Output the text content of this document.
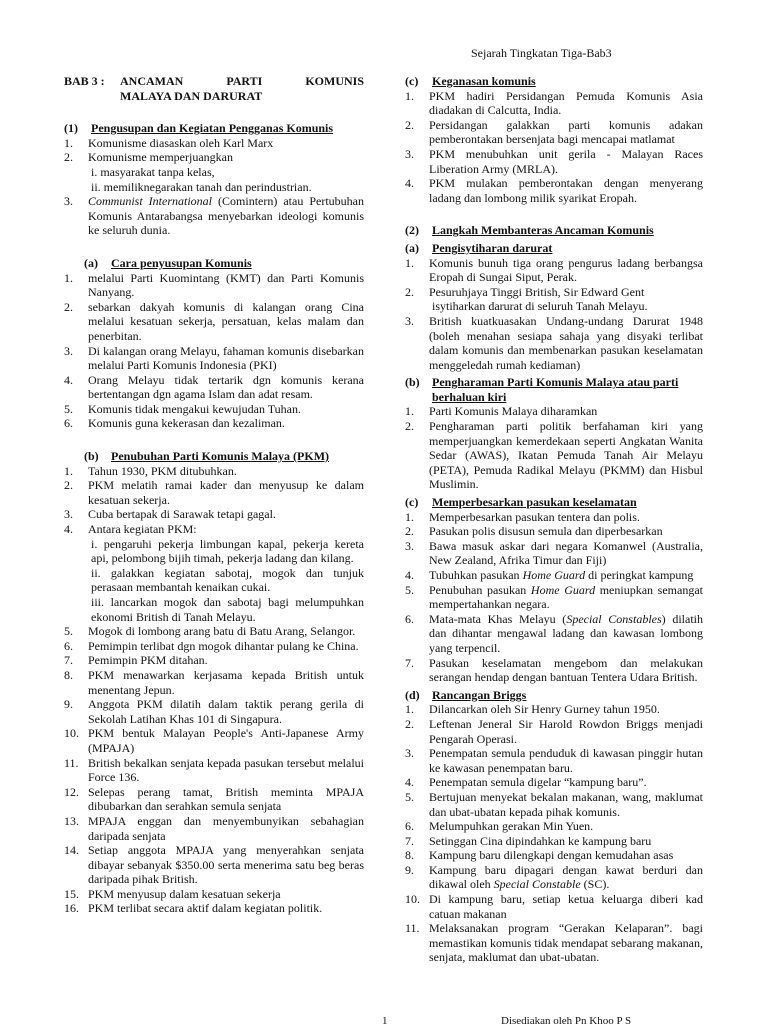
Sejarah Tingkatan Tiga-Bab3
BAB 3 :	ANCAMAN	PARTI	KOMUNIS
MALAYA DAN DARURAT
(1)	Pengusupan dan Kegiatan Pengganas Komunis
1.	Komunisme diasaskan oleh Karl Marx
2.	Komunisme memperjuangkan
i. masyarakat tanpa kelas,
ii. memiliknegarakan tanah dan perindustrian.
3.	Communist International (Comintern) atau Pertubuhan Komunis Antarabangsa menyebarkan ideologi komunis ke seluruh dunia.
(a)	Cara penyusupan Komunis
1.	melalui Parti Kuomintang (KMT) dan Parti Komunis Nanyang.
2.	sebarkan dakyah komunis di kalangan orang Cina melalui kesatuan sekerja, persatuan, kelas malam dan penerbitan.
3.	Di kalangan orang Melayu, fahaman komunis disebarkan melalui Parti Komunis Indonesia (PKI)
4.	Orang Melayu tidak tertarik dgn komunis kerana bertentangan dgn agama Islam dan adat resam.
5.	Komunis tidak mengakui kewujudan Tuhan.
6.	Komunis guna kekerasan dan kezaliman.
(b)	Penubuhan Parti Komunis Malaya (PKM)
1.	Tahun 1930, PKM ditubuhkan.
2.	PKM melatih ramai kader dan menyusup ke dalam kesatuan sekerja.
3.	Cuba bertapak di Sarawak tetapi gagal.
4.	Antara kegiatan PKM:
i. pengaruhi pekerja limbungan kapal, pekerja kereta api, pelombong bijih timah, pekerja ladang dan kilang.
ii. galakkan kegiatan sabotaj, mogok dan tunjuk perasaan membantah kenaikan cukai.
iii. lancarkan mogok dan sabotaj bagi melumpuhkan ekonomi British di Tanah Melayu.
5.	Mogok di lombong arang batu di Batu Arang, Selangor.
6.	Pemimpin terlibat dgn mogok dihantar pulang ke China.
7.	Pemimpin PKM ditahan.
8.	PKM menawarkan kerjasama kepada British untuk menentang Jepun.
9.	Anggota PKM dilatih dalam taktik perang gerila di Sekolah Latihan Khas 101 di Singapura.
10. PKM bentuk Malayan People's Anti-Japanese Army (MPAJA)
11. British bekalkan senjata kepada pasukan tersebut melalui Force 136.
12. Selepas perang tamat, British meminta MPAJA dibubarkan dan serahkan semula senjata
13. MPAJA enggan dan menyembunyikan sebahagian daripada senjata
14. Setiap anggota MPAJA yang menyerahkan senjata dibayar sebanyak $350.00 serta menerima satu beg beras daripada pihak British.
15. PKM menyusup dalam kesatuan sekerja
16. PKM terlibat secara aktif dalam kegiatan politik.
(c)	Keganasan komunis
1.	PKM hadiri Persidangan Pemuda Komunis Asia diadakan di Calcutta, India.
2.	Persidangan galakkan parti komunis adakan pemberontakan bersenjata bagi mencapai matlamat
3.	PKM menubuhkan unit gerila - Malayan Races Liberation Army (MRLA).
4.	PKM mulakan pemberontakan dengan menyerang ladang dan lombong milik syarikat Eropah.
(2)	Langkah Membanteras Ancaman Komunis
(a)	Pengisytiharan darurat
1.	Komunis bunuh tiga orang pengurus ladang berbangsa Eropah di Sungai Siput, Perak.
2.	Pesuruhjaya Tinggi British, Sir Edward Gent
isytiharkan darurat di seluruh Tanah Melayu.
3.	British kuatkuasakan Undang-undang Darurat 1948 (boleh menahan sesiapa sahaja yang disyaki terlibat dalam komunis dan membenarkan pasukan keselamatan menggeledah rumah kediaman)
(b)	Pengharaman Parti Komunis Malaya atau parti berhaluan kiri
1.	Parti Komunis Malaya diharamkan
2.	Pengharaman parti politik berfahaman kiri yang memperjuangkan kemerdekaan seperti Angkatan Wanita Sedar (AWAS), Ikatan Pemuda Tanah Air Melayu (PETA), Pemuda Radikal Melayu (PKMM) dan Hisbul Muslimin.
(c)	Memperbesarkan pasukan keselamatan
1.	Memperbesarkan pasukan tentera dan polis.
2.	Pasukan polis disusun semula dan diperbesarkan
3.	Bawa masuk askar dari negara Komanwel (Australia, New Zealand, Afrika Timur dan Fiji)
4.	Tubuhkan pasukan Home Guard di peringkat kampung
5.	Penubuhan pasukan Home Guard meniupkan semangat mempertahankan negara.
6.	Mata-mata Khas Melayu (Special Constables) dilatih dan dihantar mengawal ladang dan kawasan lombong yang terpencil.
7.	Pasukan keselamatan mengebom dan melakukan serangan hendap dengan bantuan Tentera Udara British.
(d)	Rancangan Briggs
1.	Dilancarkan oleh Sir Henry Gurney tahun 1950.
2.	Leftenan Jeneral Sir Harold Rowdon Briggs menjadi Pengarah Operasi.
3.	Penempatan semula penduduk di kawasan pinggir hutan ke kawasan penempatan baru.
4.	Penempatan semula digelar “kampung baru”.
5.	Bertujuan menyekat bekalan makanan, wang, maklumat dan ubat-ubatan kepada pihak komunis.
6.	Melumpuhkan gerakan Min Yuen.
7.	Setinggan Cina dipindahkan ke kampung baru
8.	Kampung baru dilengkapi dengan kemudahan asas
9.	Kampung baru dipagari dengan kawat berduri dan dikawal oleh Special Constable (SC).
10. Di kampung baru, setiap ketua keluarga diberi kad catuan makanan
11. Melaksanakan program “Gerakan Kelaparan”. bagi memastikan komunis tidak mendapat sebarang makanan, senjata, maklumat dan ubat-ubatan.
1	Disediakan oleh Pn Khoo P S
